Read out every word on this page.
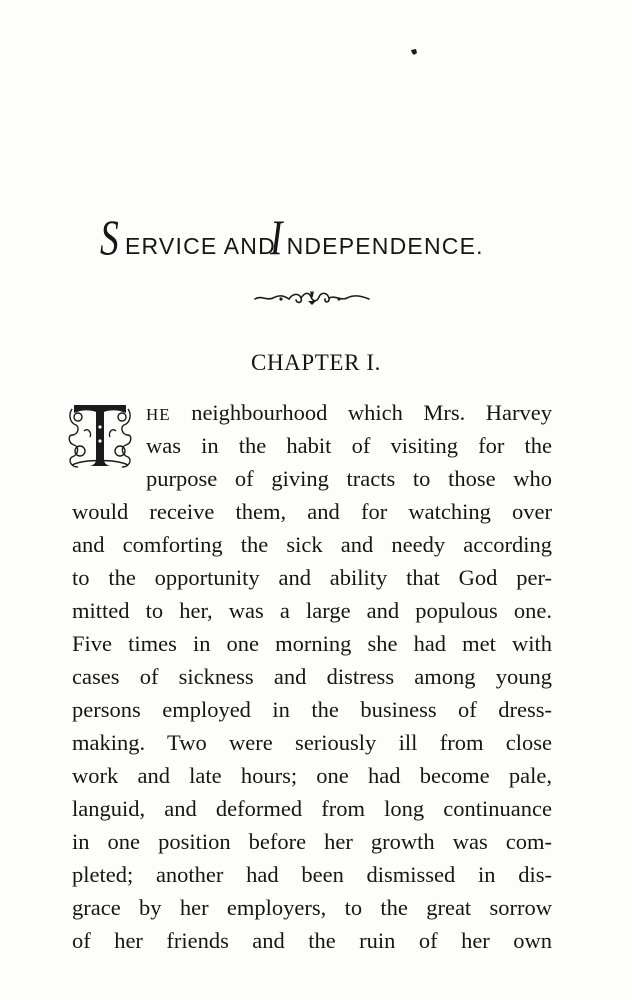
SERVICE ANDI NDEPENDENCE.
CHAPTER I.
HE neighbourhood which Mrs. Harvey
was in the habit of visiting for the
purpose of giving tracts to those who
would receive them, and for watching over
and comforting the sick and needy according
to the opportunity and ability that God per-
mitted to her, was a large and populous one.
Five times in one morning she had met with
cases of sickness and distress among young
persons employed in the business of dress-
making. Two were seriously ill from close
work and late hours; one had become pale,
languid, and deformed from long continuance
in one position before her growth was com-
pleted; another had been dismissed in dis-
grace by her employers, to the great sorrow
of her friends and the ruin of her own
